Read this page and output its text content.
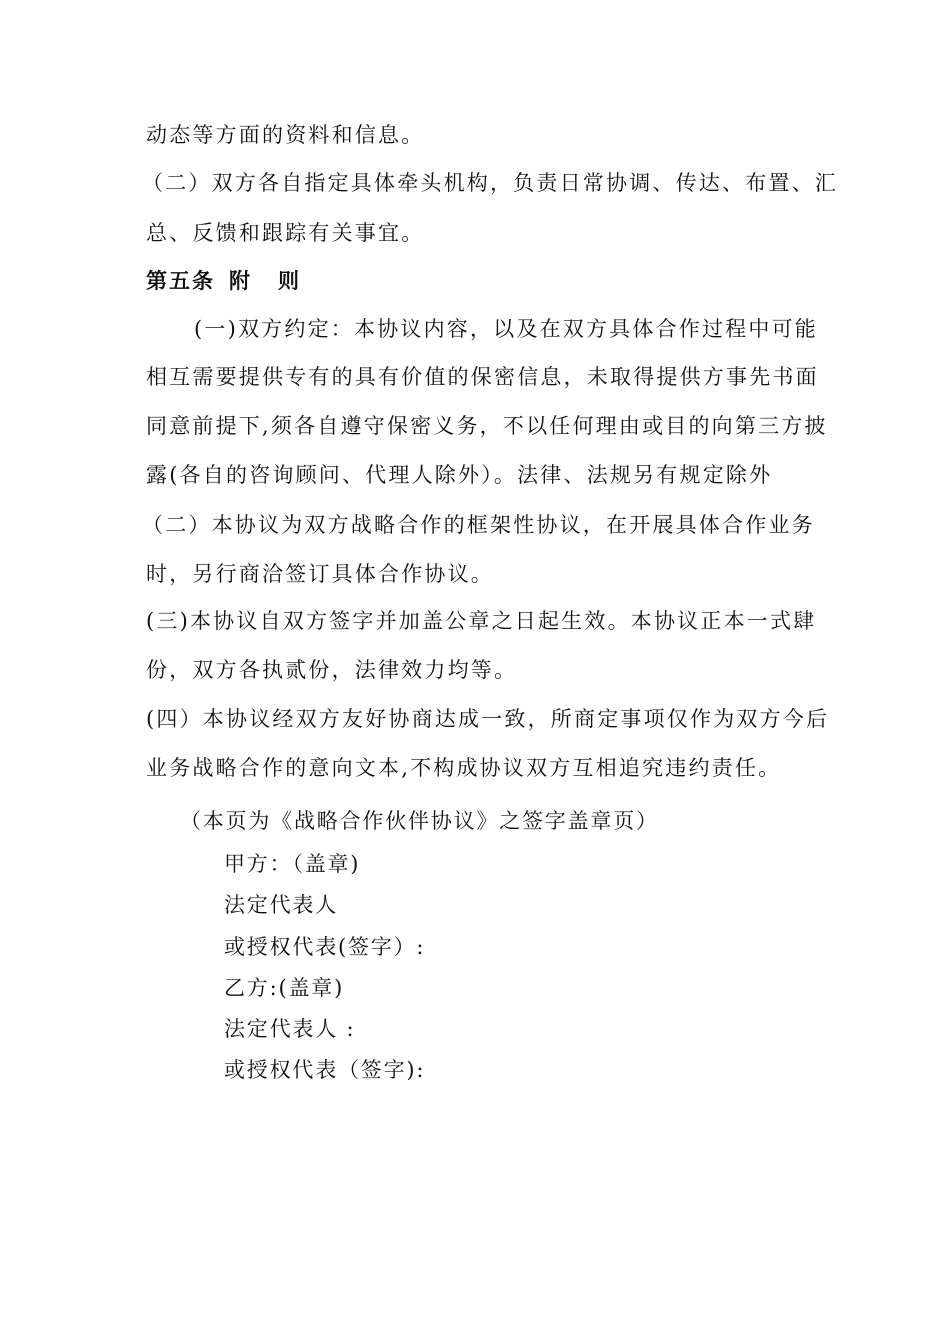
动态等方面的资料和信息。
（二）双方各自指定具体牵头机构，负责日常协调、传达、布置、汇
总、反馈和跟踪有关事宜。
第五条 附 则
(一)双方约定：本协议内容，以及在双方具体合作过程中可能
相互需要提供专有的具有价值的保密信息，未取得提供方事先书面
同意前提下,须各自遵守保密义务，不以任何理由或目的向第三方披
露(各自的咨询顾问、代理人除外）。法律、法规另有规定除外
（二）本协议为双方战略合作的框架性协议，在开展具体合作业务
时，另行商洽签订具体合作协议。
(三)本协议自双方签字并加盖公章之日起生效。本协议正本一式肆
份，双方各执贰份，法律效力均等。
(四）本协议经双方友好协商达成一致，所商定事项仅作为双方今后
业务战略合作的意向文本,不构成协议双方互相追究违约责任。
（本页为《战略合作伙伴协议》之签字盖章页）
甲方：（盖章)
法定代表人
或授权代表(签字）:
乙方:(盖章)
法定代表人 :
或授权代表（签字):
